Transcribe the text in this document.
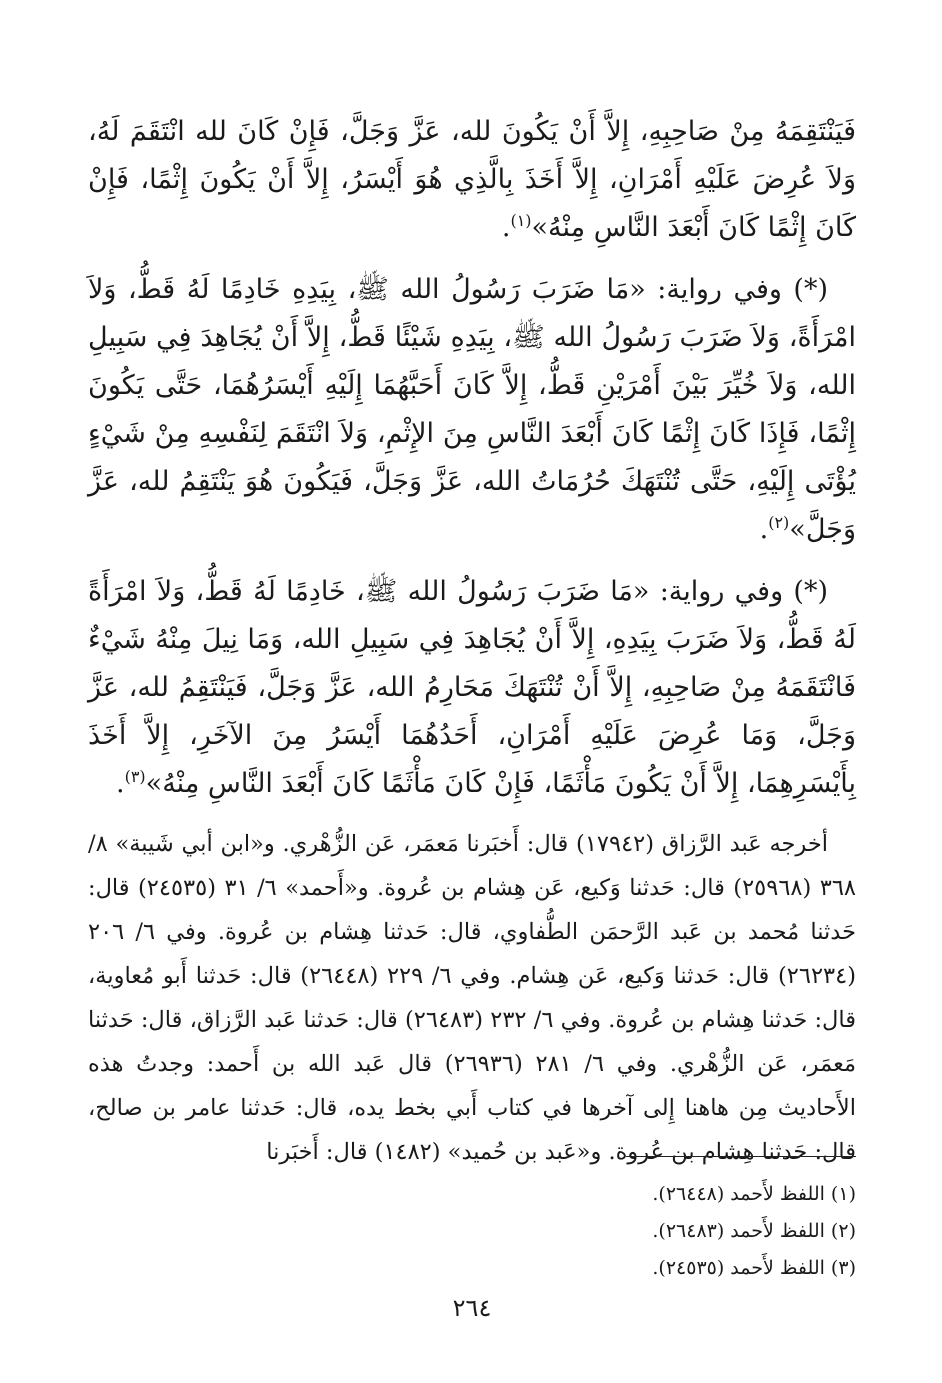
فَيَنْتَقِمَهُ مِنْ صَاحِبِهِ، إِلاَّ أَنْ يَكُونَ لله، عَزَّ وَجَلَّ، فَإِنْ كَانَ لله انْتَقَمَ لَهُ، وَلاَ عُرِضَ عَلَيْهِ أَمْرَانِ، إِلاَّ أَخَذَ بِالَّذِي هُوَ أَيْسَرُ، إِلاَّ أَنْ يَكُونَ إِثْمًا، فَإِنْ كَانَ إِثْمًا كَانَ أَبْعَدَ النَّاسِ مِنْهُ»$^{(١)}$.

(*) وفي رواية: «مَا ضَرَبَ رَسُولُ الله ﷺ، بِيَدِهِ خَادِمًا لَهُ قَطُّ، وَلاَ امْرَأَةً، وَلاَ ضَرَبَ رَسُولُ الله ﷺ، بِيَدِهِ شَيْئًا قَطُّ، إِلاَّ أَنْ يُجَاهِدَ فِي سَبِيلِ الله، وَلاَ خُيِّرَ بَيْنَ أَمْرَيْنِ قَطُّ، إِلاَّ كَانَ أَحَبَّهُمَا إِلَيْهِ أَيْسَرُهُمَا، حَتَّى يَكُونَ إِثْمًا، فَإِذَا كَانَ إِثْمًا كَانَ أَبْعَدَ النَّاسِ مِنَ الإِثْمِ، وَلاَ انْتَقَمَ لِنَفْسِهِ مِنْ شَيْءٍ يُؤْتَى إِلَيْهِ، حَتَّى تُنْتَهَكَ حُرُمَاتُ الله، عَزَّ وَجَلَّ، فَيَكُونَ هُوَ يَنْتَقِمُ لله، عَزَّ وَجَلَّ»$^{(٢)}$.

(*) وفي رواية: «مَا ضَرَبَ رَسُولُ الله ﷺ، خَادِمًا لَهُ قَطُّ، وَلاَ امْرَأَةً لَهُ قَطُّ، وَلاَ ضَرَبَ بِيَدِهِ، إِلاَّ أَنْ يُجَاهِدَ فِي سَبِيلِ الله، وَمَا نِيلَ مِنْهُ شَيْءٌ فَانْتَقَمَهُ مِنْ صَاحِبِهِ، إِلاَّ أَنْ تُنْتَهَكَ مَحَارِمُ الله، عَزَّ وَجَلَّ، فَيَنْتَقِمُ لله، عَزَّ وَجَلَّ، وَمَا عُرِضَ عَلَيْهِ أَمْرَانِ، أَحَدُهُمَا أَيْسَرُ مِنَ الآخَرِ، إِلاَّ أَخَذَ بِأَيْسَرِهِمَا، إِلاَّ أَنْ يَكُونَ مَأْثَمًا، فَإِنْ كَانَ مَأْثَمًا كَانَ أَبْعَدَ النَّاسِ مِنْهُ»$^{(٣)}$.

أخرجه عَبد الرَّزاق (١٧٩٤٢) قال: أَخبَرنا مَعمَر، عَن الزُّهْري. و«ابن أبي شَيبة» ٨/ ٣٦٨ (٢٥٩٦٨) قال: حَدثنا وَكيع، عَن هِشام بن عُروة. و«أَحمد» ٦/ ٣١ (٢٤٥٣٥) قال: حَدثنا مُحمد بن عَبد الرَّحمَن الطُّفاوي، قال: حَدثنا هِشام بن عُروة. وفي ٦/ ٢٠٦ (٢٦٢٣٤) قال: حَدثنا وَكيع، عَن هِشام. وفي ٦/ ٢٢٩ (٢٦٤٤٨) قال: حَدثنا أَبو مُعاوية، قال: حَدثنا هِشام بن عُروة. وفي ٦/ ٢٣٢ (٢٦٤٨٣) قال: حَدثنا عَبد الرَّزاق، قال: حَدثنا مَعمَر، عَن الزُّهْري. وفي ٦/ ٢٨١ (٢٦٩٣٦) قال عَبد الله بن أَحمد: وجدتُ هذه الأَحاديث مِن هاهنا إِلى آخرها في كتاب أَبي بخط يده، قال: حَدثنا عامر بن صالح، قال: حَدثنا هِشام بن عُروة. و«عَبد بن حُميد» (١٤٨٢) قال: أَخبَرنا

(١) اللفظ لأَحمد (٢٦٤٤٨).
(٢) اللفظ لأَحمد (٢٦٤٨٣).
(٣) اللفظ لأَحمد (٢٤٥٣٥).
٢٦٤
